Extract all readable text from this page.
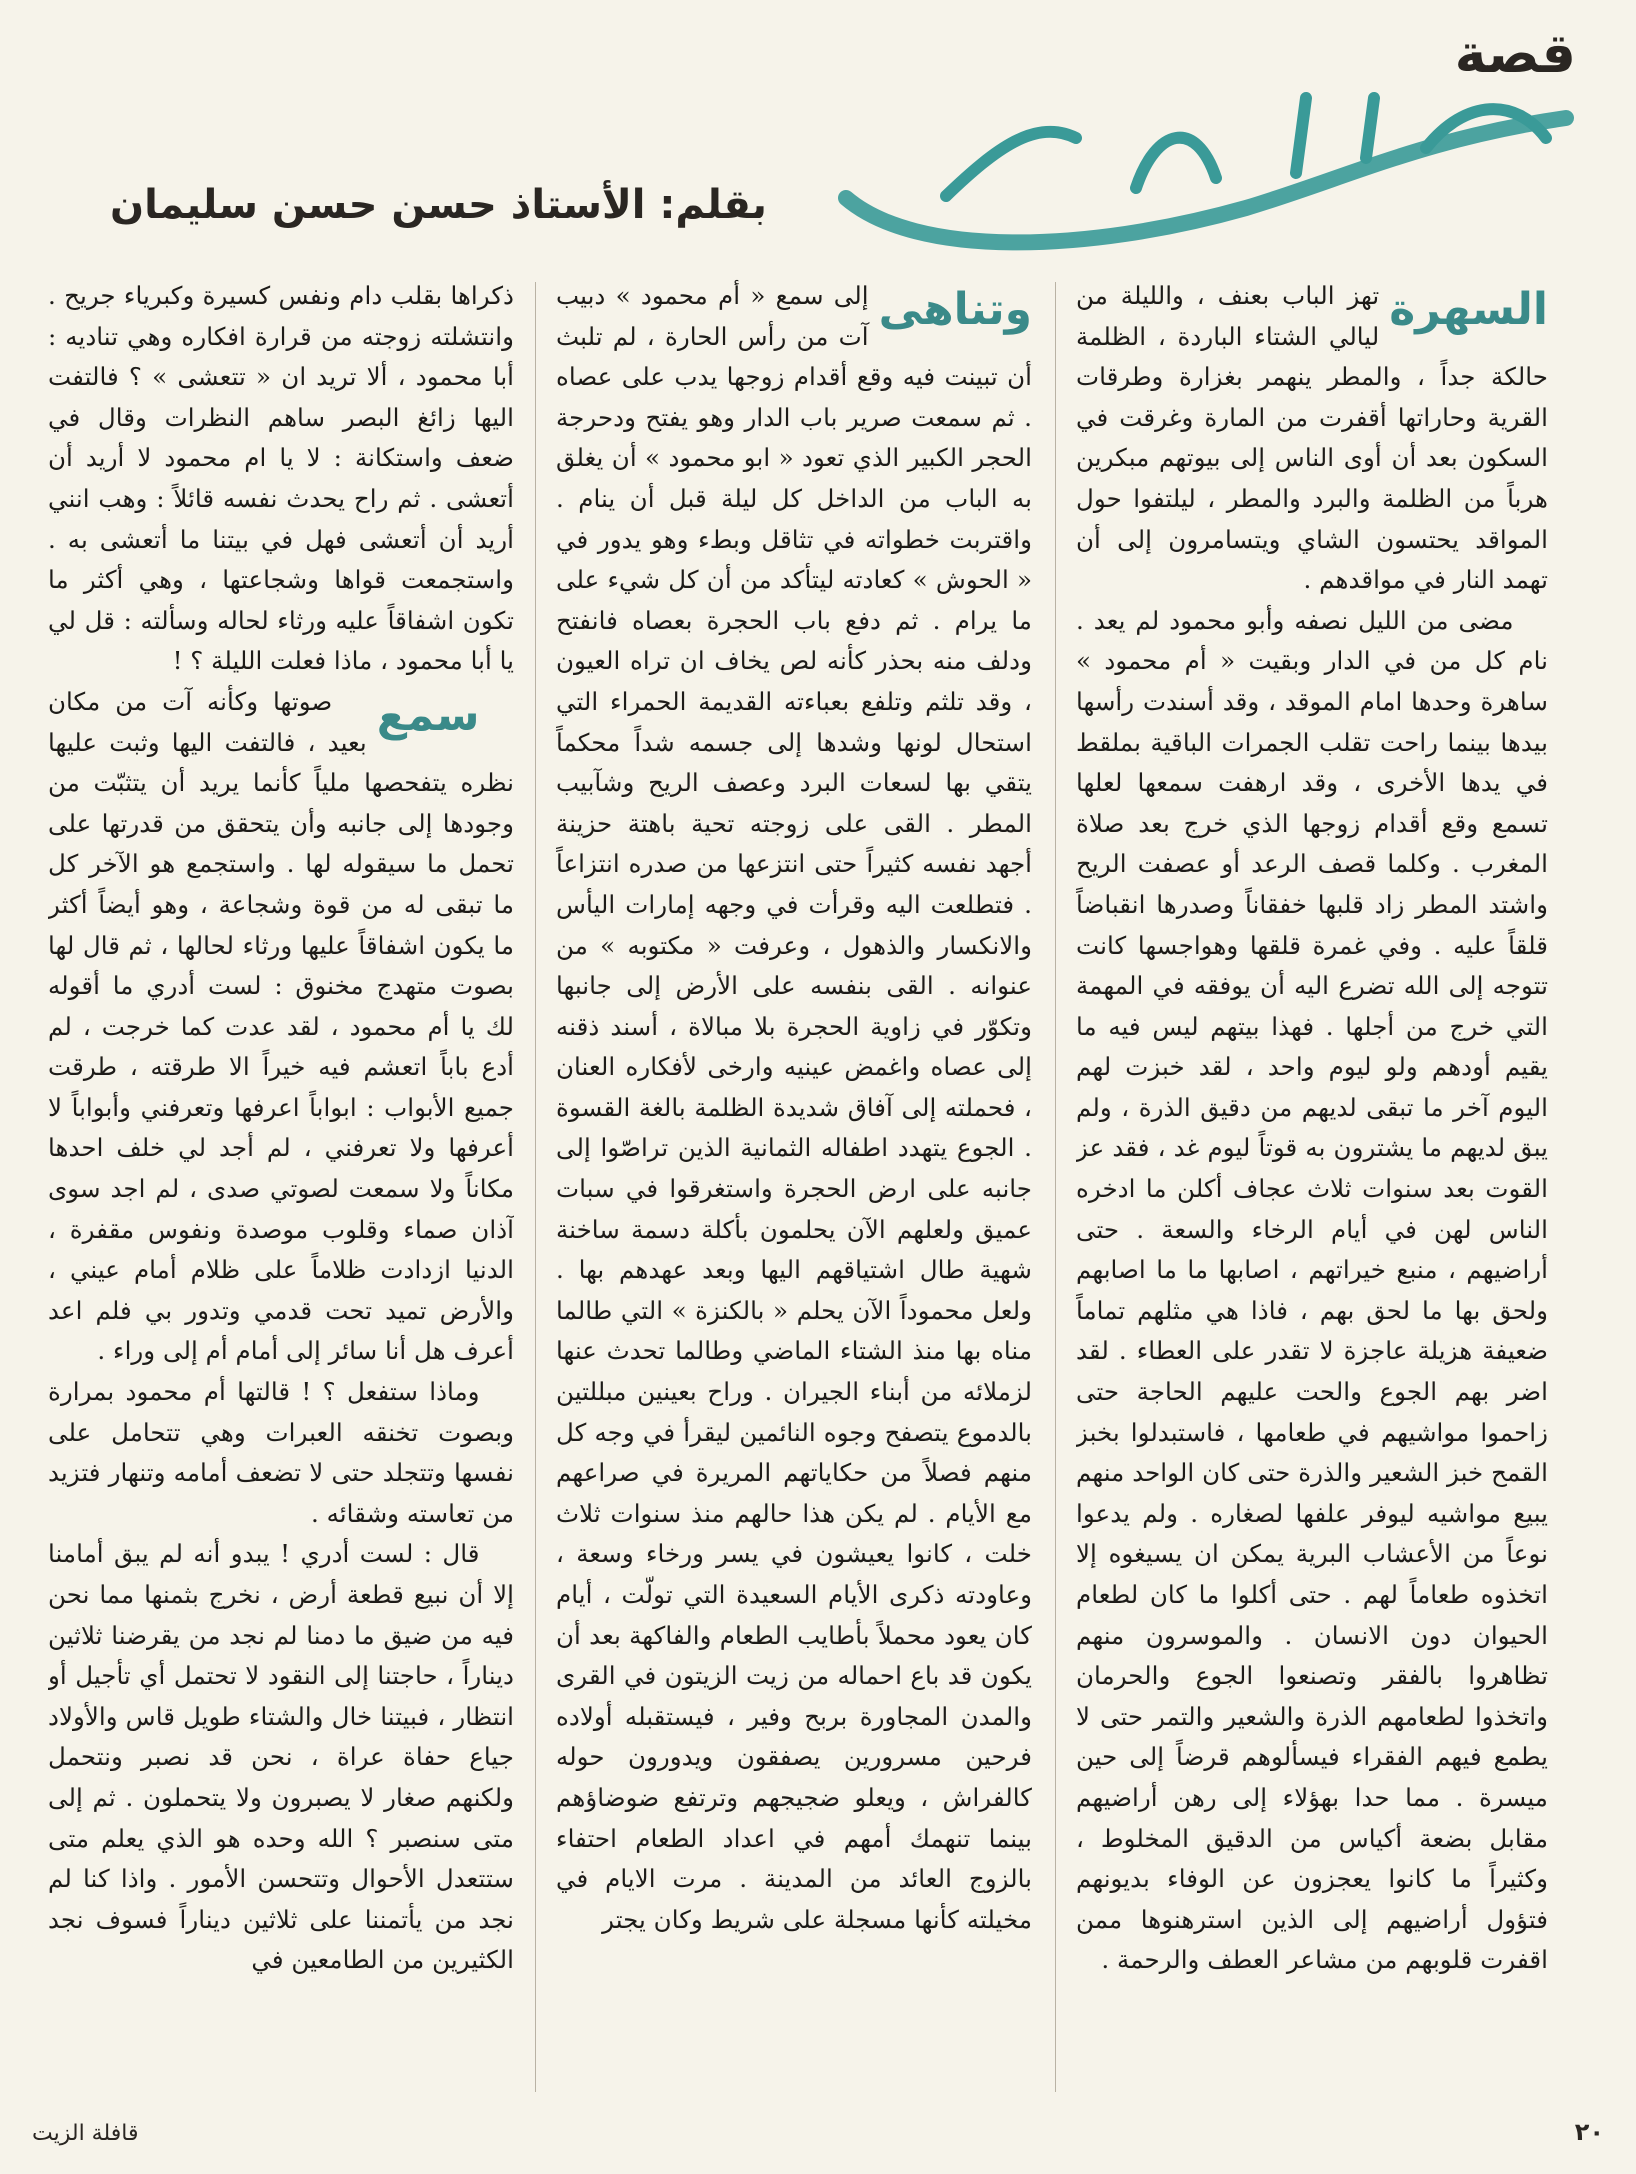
قصة
بقلم: الأستاذ حسن حسن سليمان
السهرة

تهز الباب بعنف ، والليلة من ليالي الشتاء الباردة ، الظلمة حالكة جداً ، والمطر ينهمر بغزارة وطرقات القرية وحاراتها أقفرت من المارة وغرقت في السكون بعد أن أوى الناس إلى بيوتهم مبكرين هرباً من الظلمة والبرد والمطر ، ليلتفوا حول المواقد يحتسون الشاي ويتسامرون إلى أن تهمد النار في مواقدهم .

مضى من الليل نصفه وأبو محمود لم يعد . نام كل من في الدار وبقيت « أم محمود » ساهرة وحدها امام الموقد ، وقد أسندت رأسها بيدها بينما راحت تقلب الجمرات الباقية بملقط في يدها الأخرى ، وقد ارهفت سمعها لعلها تسمع وقع أقدام زوجها الذي خرج بعد صلاة المغرب . وكلما قصف الرعد أو عصفت الريح واشتد المطر زاد قلبها خفقاناً وصدرها انقباضاً قلقاً عليه . وفي غمرة قلقها وهواجسها كانت تتوجه إلى الله تضرع اليه أن يوفقه في المهمة التي خرج من أجلها . فهذا بيتهم ليس فيه ما يقيم أودهم ولو ليوم واحد ، لقد خبزت لهم اليوم آخر ما تبقى لديهم من دقيق الذرة ، ولم يبق لديهم ما يشترون به قوتاً ليوم غد ، فقد عز القوت بعد سنوات ثلاث عجاف أكلن ما ادخره الناس لهن في أيام الرخاء والسعة . حتى أراضيهم ، منبع خيراتهم ، اصابها ما ما اصابهم ولحق بها ما لحق بهم ، فاذا هي مثلهم تماماً ضعيفة هزيلة عاجزة لا تقدر على العطاء . لقد اضر بهم الجوع والحت عليهم الحاجة حتى زاحموا مواشيهم في طعامها ، فاستبدلوا بخبز القمح خبز الشعير والذرة حتى كان الواحد منهم يبيع مواشيه ليوفر علفها لصغاره . ولم يدعوا نوعاً من الأعشاب البرية يمكن ان يسيغوه إلا اتخذوه طعاماً لهم . حتى أكلوا ما كان لطعام الحيوان دون الانسان . والموسرون منهم تظاهروا بالفقر وتصنعوا الجوع والحرمان واتخذوا لطعامهم الذرة والشعير والتمر حتى لا يطمع فيهم الفقراء فيسألوهم قرضاً إلى حين ميسرة . مما حدا بهؤلاء إلى رهن أراضيهم مقابل بضعة أكياس من الدقيق المخلوط ، وكثيراً ما كانوا يعجزون عن الوفاء بديونهم فتؤول أراضيهم إلى الذين استرهنوها ممن اقفرت قلوبهم من مشاعر العطف والرحمة .

وتناهى

إلى سمع « أم محمود » دبيب آت من رأس الحارة ، لم تلبث أن تبينت فيه وقع أقدام زوجها يدب على عصاه . ثم سمعت صرير باب الدار وهو يفتح ودحرجة الحجر الكبير الذي تعود « ابو محمود » أن يغلق به الباب من الداخل كل ليلة قبل أن ينام . واقتربت خطواته في تثاقل وبطء وهو يدور في « الحوش » كعادته ليتأكد من أن كل شيء على ما يرام . ثم دفع باب الحجرة بعصاه فانفتح ودلف منه بحذر كأنه لص يخاف ان تراه العيون ، وقد تلثم وتلفع بعباءته القديمة الحمراء التي استحال لونها وشدها إلى جسمه شداً محكماً يتقي بها لسعات البرد وعصف الريح وشآبيب المطر . القى على زوجته تحية باهتة حزينة أجهد نفسه كثيراً حتى انتزعها من صدره انتزاعاً . فتطلعت اليه وقرأت في وجهه إمارات اليأس والانكسار والذهول ، وعرفت « مكتوبه » من عنوانه . القى بنفسه على الأرض إلى جانبها وتكوّر في زاوية الحجرة بلا مبالاة ، أسند ذقنه إلى عصاه واغمض عينيه وارخى لأفكاره العنان ، فحملته إلى آفاق شديدة الظلمة بالغة القسوة . الجوع يتهدد اطفاله الثمانية الذين تراصّوا إلى جانبه على ارض الحجرة واستغرقوا في سبات عميق ولعلهم الآن يحلمون بأكلة دسمة ساخنة شهية طال اشتياقهم اليها وبعد عهدهم بها . ولعل محموداً الآن يحلم « بالكنزة » التي طالما مناه بها منذ الشتاء الماضي وطالما تحدث عنها لزملائه من أبناء الجيران . وراح بعينين مبللتين بالدموع يتصفح وجوه النائمين ليقرأ في وجه كل منهم فصلاً من حكاياتهم المريرة في صراعهم مع الأيام . لم يكن هذا حالهم منذ سنوات ثلاث خلت ، كانوا يعيشون في يسر ورخاء وسعة ، وعاودته ذكرى الأيام السعيدة التي تولّت ، أيام كان يعود محملاً بأطايب الطعام والفاكهة بعد أن يكون قد باع احماله من زيت الزيتون في القرى والمدن المجاورة بربح وفير ، فيستقبله أولاده فرحين مسرورين يصفقون ويدورون حوله كالفراش ، ويعلو ضجيجهم وترتفع ضوضاؤهم بينما تنهمك أمهم في اعداد الطعام احتفاء بالزوج العائد من المدينة . مرت الايام في مخيلته كأنها مسجلة على شريط وكان يجتر

ذكراها بقلب دام ونفس كسيرة وكبرياء جريح . وانتشلته زوجته من قرارة افكاره وهي تناديه : أبا محمود ، ألا تريد ان « تتعشى » ؟ فالتفت اليها زائغ البصر ساهم النظرات وقال في ضعف واستكانة : لا يا ام محمود لا أريد أن أتعشى . ثم راح يحدث نفسه قائلاً : وهب انني أريد أن أتعشى فهل في بيتنا ما أتعشى به . واستجمعت قواها وشجاعتها ، وهي أكثر ما تكون اشفاقاً عليه ورثاء لحاله وسألته : قل لي يا أبا محمود ، ماذا فعلت الليلة ؟ !

سمع
صوتها وكأنه آت من مكان بعيد ، فالتفت اليها وثبت عليها نظره يتفحصها ملياً كأنما يريد أن يتثبّت من وجودها إلى جانبه وأن يتحقق من قدرتها على تحمل ما سيقوله لها . واستجمع هو الآخر كل ما تبقى له من قوة وشجاعة ، وهو أيضاً أكثر ما يكون اشفاقاً عليها ورثاء لحالها ، ثم قال لها بصوت متهدج مخنوق : لست أدري ما أقوله لك يا أم محمود ، لقد عدت كما خرجت ، لم أدع باباً اتعشم فيه خيراً الا طرقته ، طرقت جميع الأبواب : ابواباً اعرفها وتعرفني وأبواباً لا أعرفها ولا تعرفني ، لم أجد لي خلف احدها مكاناً ولا سمعت لصوتي صدى ، لم اجد سوى آذان صماء وقلوب موصدة ونفوس مقفرة ، الدنيا ازدادت ظلاماً على ظلام أمام عيني ، والأرض تميد تحت قدمي وتدور بي فلم اعد أعرف هل أنا سائر إلى أمام أم إلى وراء .

وماذا ستفعل ؟ ! قالتها أم محمود بمرارة وبصوت تخنقه العبرات وهي تتحامل على نفسها وتتجلد حتى لا تضعف أمامه وتنهار فتزيد من تعاسته وشقائه .

قال : لست أدري ! يبدو أنه لم يبق أمامنا إلا أن نبيع قطعة أرض ، نخرج بثمنها مما نحن فيه من ضيق ما دمنا لم نجد من يقرضنا ثلاثين ديناراً ، حاجتنا إلى النقود لا تحتمل أي تأجيل أو انتظار ، فبيتنا خال والشتاء طويل قاس والأولاد جياع حفاة عراة ، نحن قد نصبر ونتحمل ولكنهم صغار لا يصبرون ولا يتحملون . ثم إلى متى سنصبر ؟ الله وحده هو الذي يعلم متى ستتعدل الأحوال وتتحسن الأمور . واذا كنا لم نجد من يأتمننا على ثلاثين ديناراً فسوف نجد الكثيرين من الطامعين في

قافلة الزيت	٢٠
